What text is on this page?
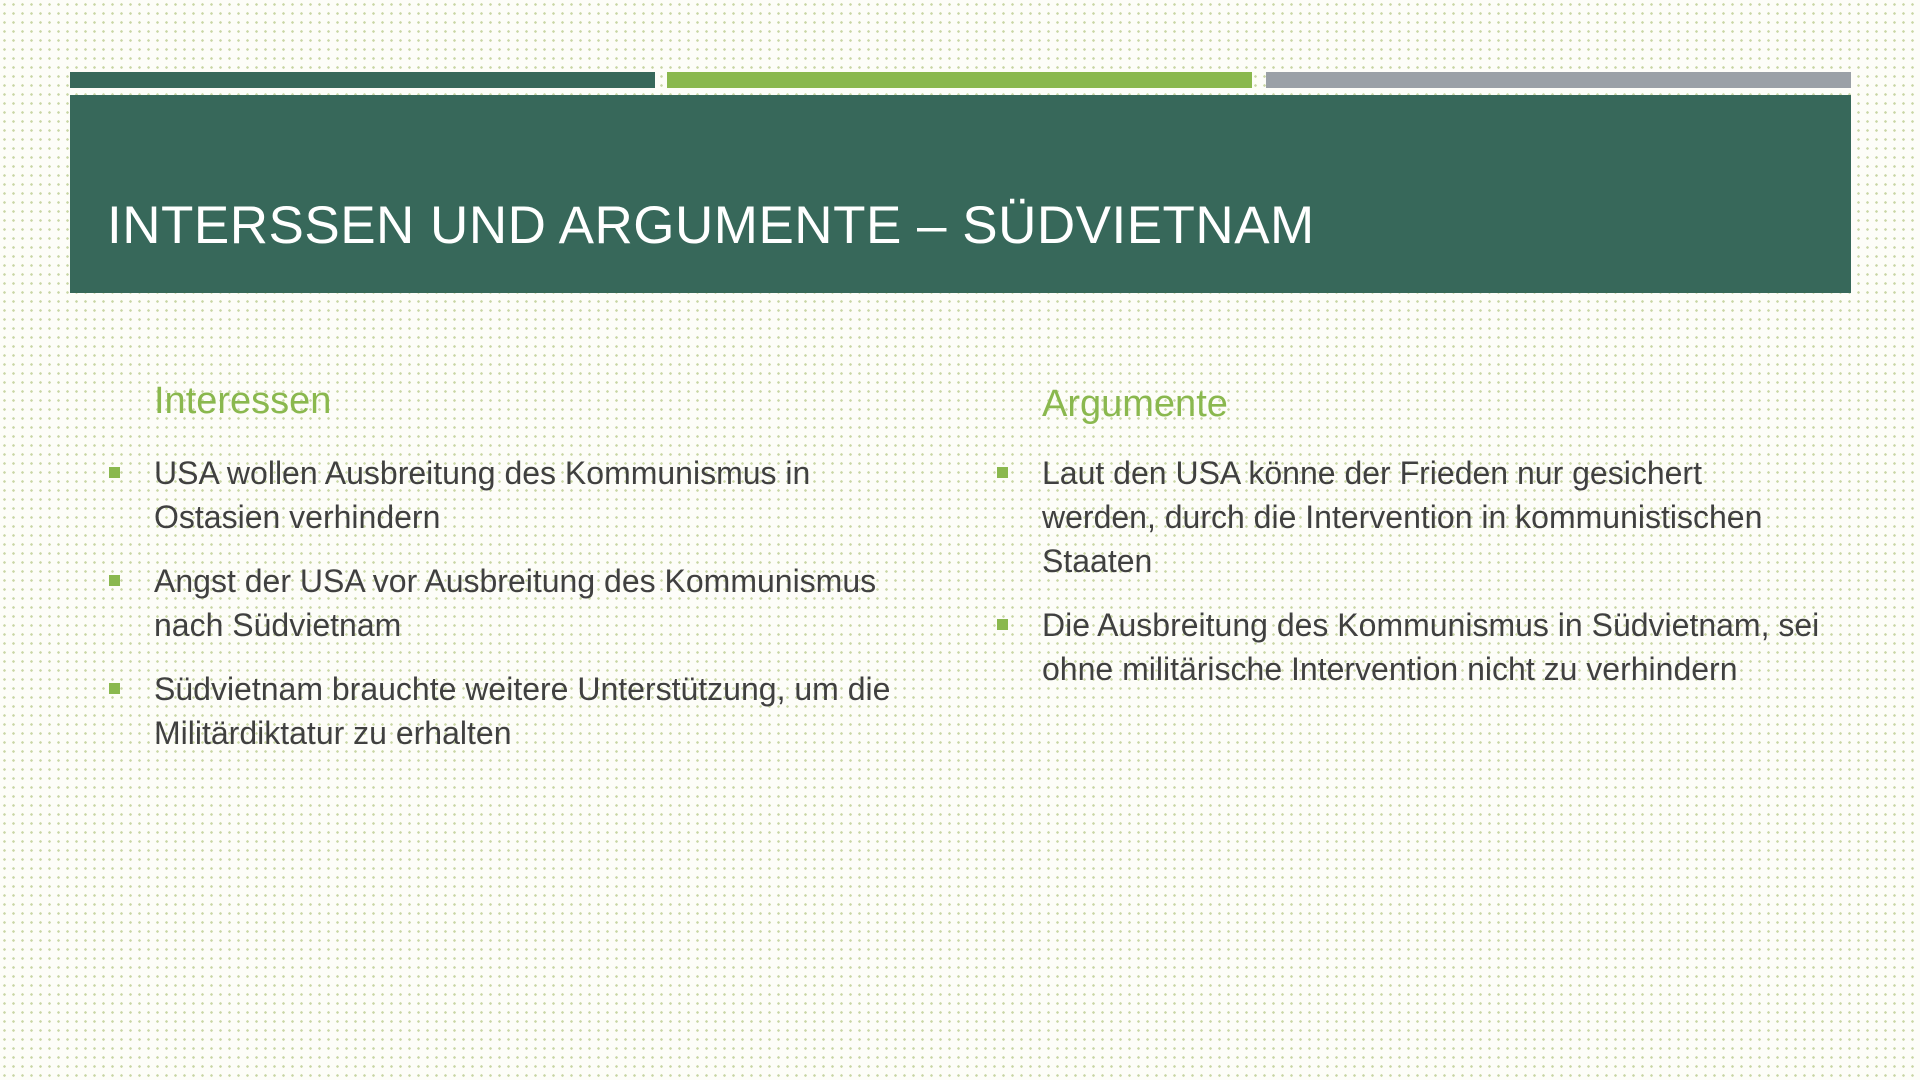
INTERSSEN UND ARGUMENTE – SÜDVIETNAM
Interessen
USA wollen Ausbreitung des Kommunismus in Ostasien verhindern
Angst der USA vor Ausbreitung des Kommunismus nach Südvietnam
Südvietnam brauchte weitere Unterstützung, um die Militärdiktatur zu erhalten
Argumente
Laut den USA könne der Frieden nur gesichert werden, durch die Intervention in kommunistischen Staaten
Die Ausbreitung des Kommunismus in Südvietnam, sei ohne militärische Intervention nicht zu verhindern
